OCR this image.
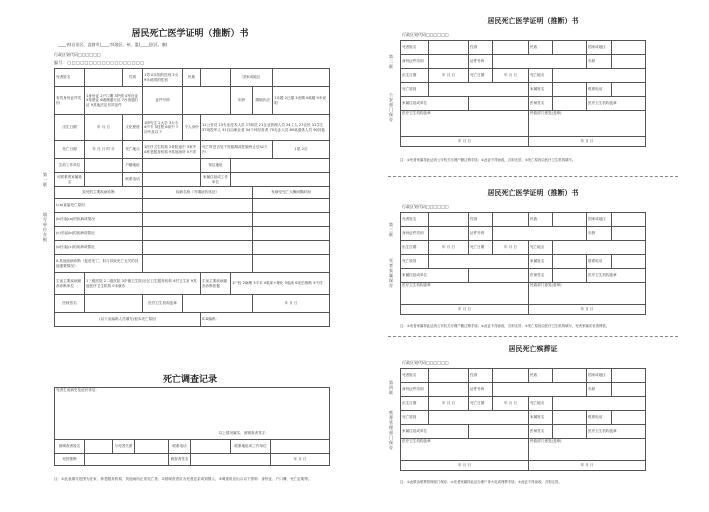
居民死亡医学证明（推断）书
____省(自治区、直辖市)____市(地区、州、盟)____县(区、旗)
行政区划代码□□□□□□
编号：□□□□□□□□□□□□□□□□□□
第一联
填写单位存根
死者姓名		性别	1男 0未知的性别 2女 9未说明的性别	民族		国家或地区		
有效身份证件类别	1身份证 2户口簿 3护照 4军官证 5驾驶证 6港澳通行证 7台湾通行证 9其他法定有效证件		证件号码			年龄	婚姻状况	1未婚 2已婚 3丧偶 4离婚 9未说明
出生日期	年 月 日	文化程度	1研究生 2大学 3大专 4中专 5技校 6高中 7初中及以下	个人身份	11公务员 13专业技术人员 17职员 21企业管理人员 24工人 27农民 31学生 37现役军人 51自由职业者 54个体经营者 70无业人员 80离退休人员 90其他			
死亡日期	年 月 日 时 分	死亡地点	1医疗卫生机构 2来院途中 3家中 4养老服务机构 9其他场所 0不详		死亡时是否处于妊娠期或妊娠终止后42天内			1是 2否
生前工作单位		户籍地址			常住地址			
可联系的家属姓名		联系电话			家属住址或工作单位			
致死的主要疾病诊断			疾病名称（勿填症状体征）				发病至死亡大概间隔时间	
I.(a)直接死亡原因								
(b)引起(a)的疾病或情况								
(c)引起(b)的疾病或情况								
(d)引起(c)的疾病或情况								
II.其他疾病诊断（促进死亡，但与导致死亡无关的其他重要情况）								
生前主要疾病最高诊断单位	1三级医院 2二级医院 3乡镇卫生院/社区卫生服务机构 4村卫生室 9其他医疗卫生机构 0未就诊				生前主要疾病最高诊断依据	1尸检 2病理 3手术 4临床+理化 5临床 6死后推断 9不详		
医师签名			医疗卫生机构盖章				年 月 日	
(以下由编码人员填写)根本死亡原因					ICD编码：			
死亡调查记录
死者生前病史及症状体征：
以上情况属实，被调查者签字：							

被调查者姓名		与死者关系		联系电话		联系地址或工作单位	
死因推断				调查者签名			年 月 日
注：①此表填写范围为在家、养老服务机构、其他场所正常死亡者；②被调查者应为死者近亲或知情人；③调查时应出示以下资料：身份证、户口簿、死亡证明等。
居民死亡医学证明（推断）书
行政区划代码□□□□□□
第二联
公安部门保存
死者姓名		性别		民族		国家或地区	
身份证件类别		证件号码				年龄	
出生日期	年 月 日	死亡日期	年 月 日	死亡地点			
死亡原因				家属姓名		联系电话	
家属住址或单位				医师签名		医疗卫生机构盖章	
医疗卫生机构盖章				民政部门意见(盖章)			
年 月 日				年 月 日			
注：①死者家属持此证到公安机关办理户籍注销手续；②此证不得涂改，否则无效；③死亡原因由医疗卫生机构填写。
居民死亡医学证明（推断）书
行政区划代码□□□□□□
第三联
死者家属保存
死者姓名		性别		民族		国家或地区	
身份证件类别		证件号码				年龄	
出生日期	年 月 日	死亡日期	年 月 日	死亡地点			
死亡原因				家属姓名		联系电话	
家属住址或单位				医师签名		医疗卫生机构盖章	
医疗卫生机构盖章				民政部门意见(盖章)			
年 月 日				年 月 日			
注：①死者家属持此证到公安机关办理户籍注销手续；②此证不得涂改，否则无效；③死亡原因由医疗卫生机构填写，死者家属应妥善保管。
居民死亡殡葬证
行政区划代码□□□□□□
第四联
殡葬管理部门保存
死者姓名		性别		民族		国家或地区	
身份证件类别		证件号码				年龄	
出生日期	年 月 日	死亡日期	年 月 日	死亡地点			
死亡原因				家属姓名		联系电话	
家属住址或单位				医师签名		医疗卫生机构盖章	
医疗卫生机构盖章				民政部门意见(盖章)			
年 月 日				年 月 日			
注：①此联由殡葬管理部门保存；②死者家属持此证办理尸体火化或埋葬手续；③此证不得涂改，否则无效。
